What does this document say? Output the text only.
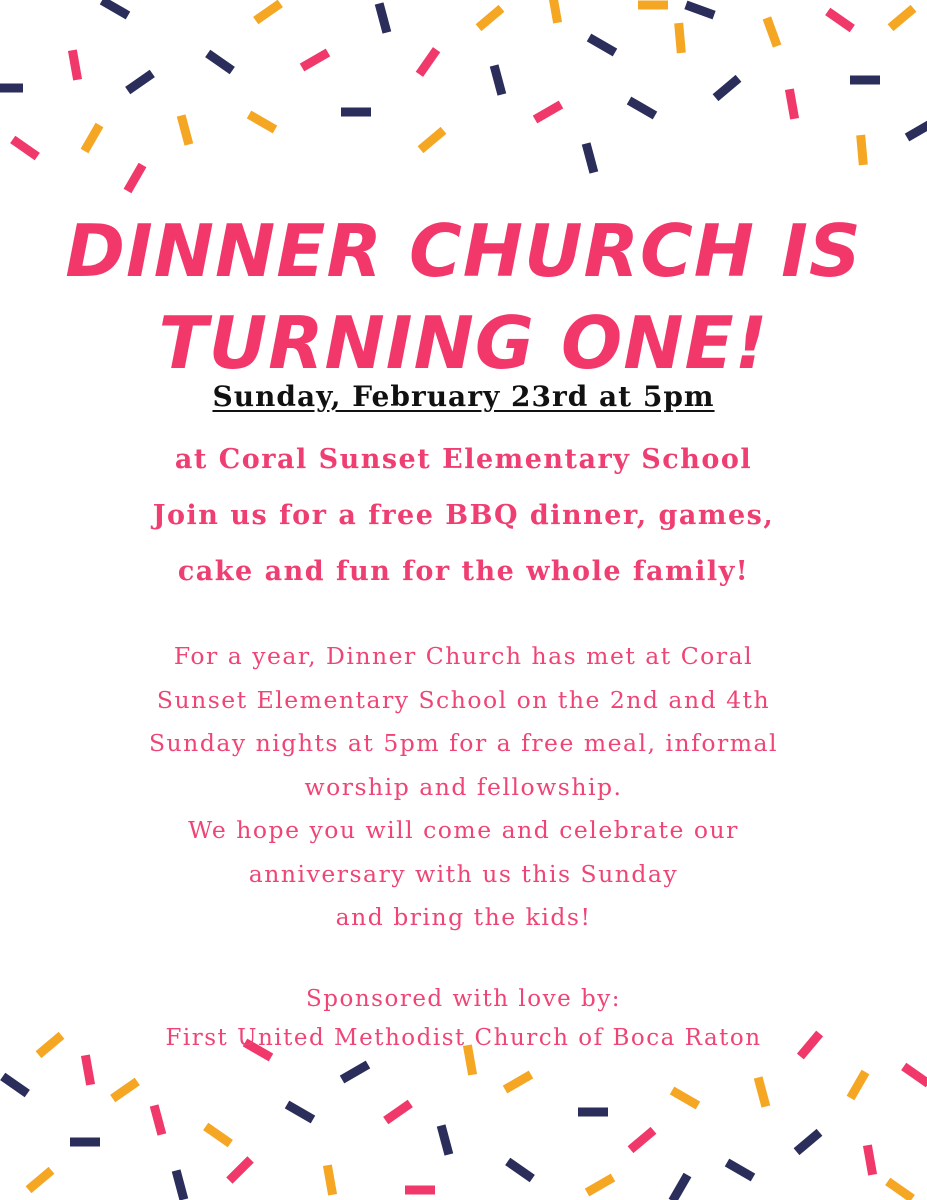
DINNER CHURCH IS
TURNING ONE!
Sunday, February 23rd at 5pm
at Coral Sunset Elementary School
Join us for a free BBQ dinner, games,
cake and fun for the whole family!
For a year, Dinner Church has met at Coral
Sunset Elementary School on the 2nd and 4th
Sunday nights at 5pm for a free meal, informal
worship and fellowship.
We hope you will come and celebrate our
anniversary with us this Sunday
and bring the kids!
Sponsored with love by:
First United Methodist Church of Boca Raton
